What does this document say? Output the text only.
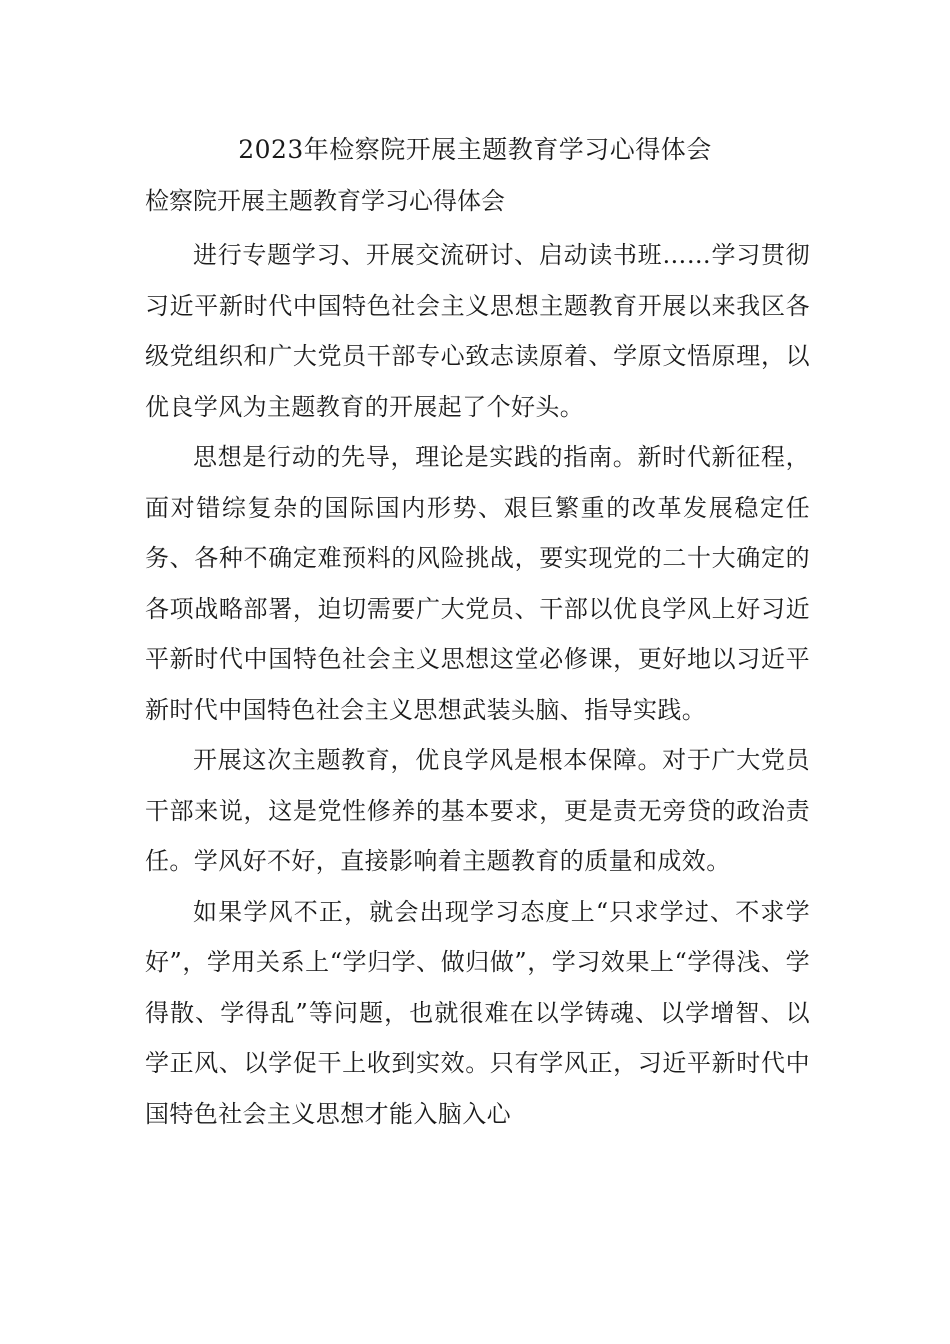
2023年检察院开展主题教育学习心得体会
检察院开展主题教育学习心得体会

进行专题学习、开展交流研讨、启动读书班……学习贯彻习近平新时代中国特色社会主义思想主题教育开展以来我区各级党组织和广大党员干部专心致志读原着、学原文悟原理，以优良学风为主题教育的开展起了个好头。

思想是行动的先导，理论是实践的指南。新时代新征程，面对错综复杂的国际国内形势、艰巨繁重的改革发展稳定任务、各种不确定难预料的风险挑战，要实现党的二十大确定的各项战略部署，迫切需要广大党员、干部以优良学风上好习近平新时代中国特色社会主义思想这堂必修课，更好地以习近平新时代中国特色社会主义思想武装头脑、指导实践。

开展这次主题教育，优良学风是根本保障。对于广大党员干部来说，这是党性修养的基本要求，更是责无旁贷的政治责任。学风好不好，直接影响着主题教育的质量和成效。

如果学风不正，就会出现学习态度上“只求学过、不求学好”，学用关系上“学归学、做归做”，学习效果上“学得浅、学得散、学得乱”等问题，也就很难在以学铸魂、以学增智、以学正风、以学促干上收到实效。只有学风正，习近平新时代中国特色社会主义思想才能入脑入心
